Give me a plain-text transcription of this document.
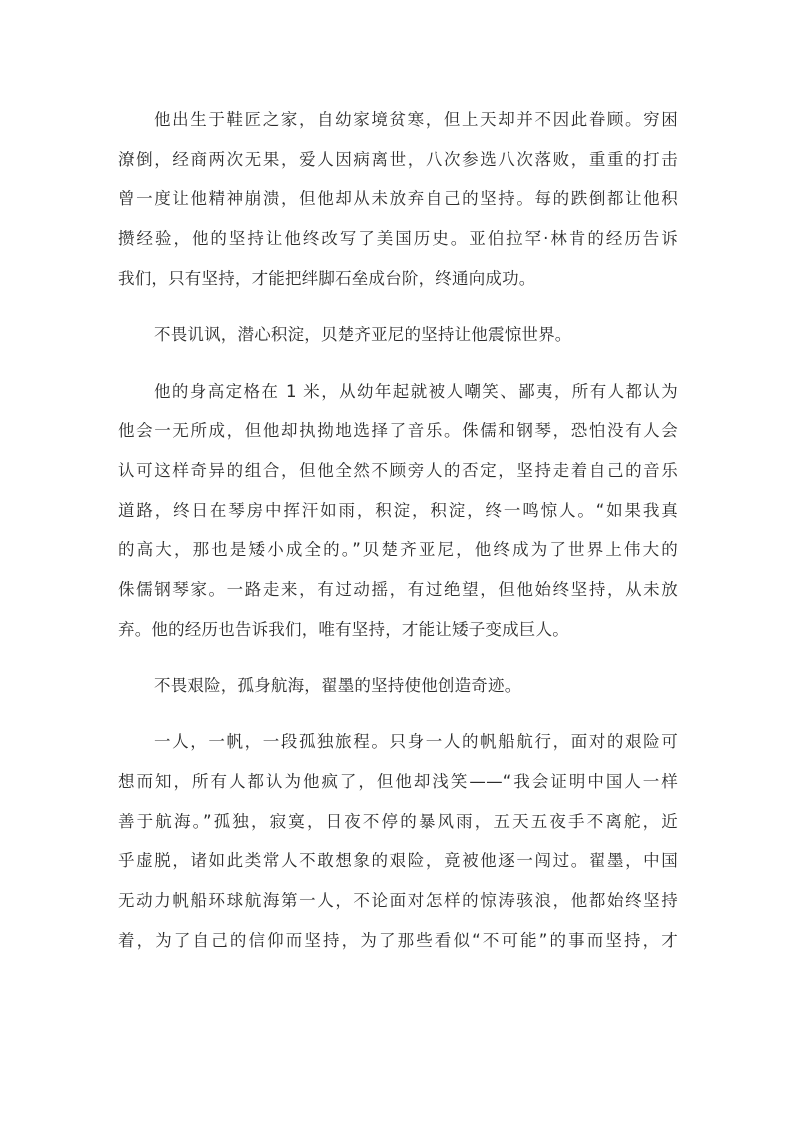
他出生于鞋匠之家，自幼家境贫寒，但上天却并不因此眷顾。穷困
潦倒，经商两次无果，爱人因病离世，八次参选八次落败，重重的打击
曾一度让他精神崩溃，但他却从未放弃自己的坚持。每的跌倒都让他积
攒经验，他的坚持让他终改写了美国历史。亚伯拉罕·林肯的经历告诉
我们，只有坚持，才能把绊脚石垒成台阶，终通向成功。
不畏讥讽，潜心积淀，贝楚齐亚尼的坚持让他震惊世界。
他的身高定格在 1 米，从幼年起就被人嘲笑、鄙夷，所有人都认为
他会一无所成，但他却执拗地选择了音乐。侏儒和钢琴，恐怕没有人会
认可这样奇异的组合，但他全然不顾旁人的否定，坚持走着自己的音乐
道路，终日在琴房中挥汗如雨，积淀，积淀，终一鸣惊人。“如果我真
的高大，那也是矮小成全的。”贝楚齐亚尼，他终成为了世界上伟大的
侏儒钢琴家。一路走来，有过动摇，有过绝望，但他始终坚持，从未放
弃。他的经历也告诉我们，唯有坚持，才能让矮子变成巨人。
不畏艰险，孤身航海，翟墨的坚持使他创造奇迹。
一人，一帆，一段孤独旅程。只身一人的帆船航行，面对的艰险可
想而知，所有人都认为他疯了，但他却浅笑——“我会证明中国人一样
善于航海。”孤独，寂寞，日夜不停的暴风雨，五天五夜手不离舵，近
乎虚脱，诸如此类常人不敢想象的艰险，竟被他逐一闯过。翟墨，中国
无动力帆船环球航海第一人，不论面对怎样的惊涛骇浪，他都始终坚持
着，为了自己的信仰而坚持，为了那些看似“不可能”的事而坚持，才
